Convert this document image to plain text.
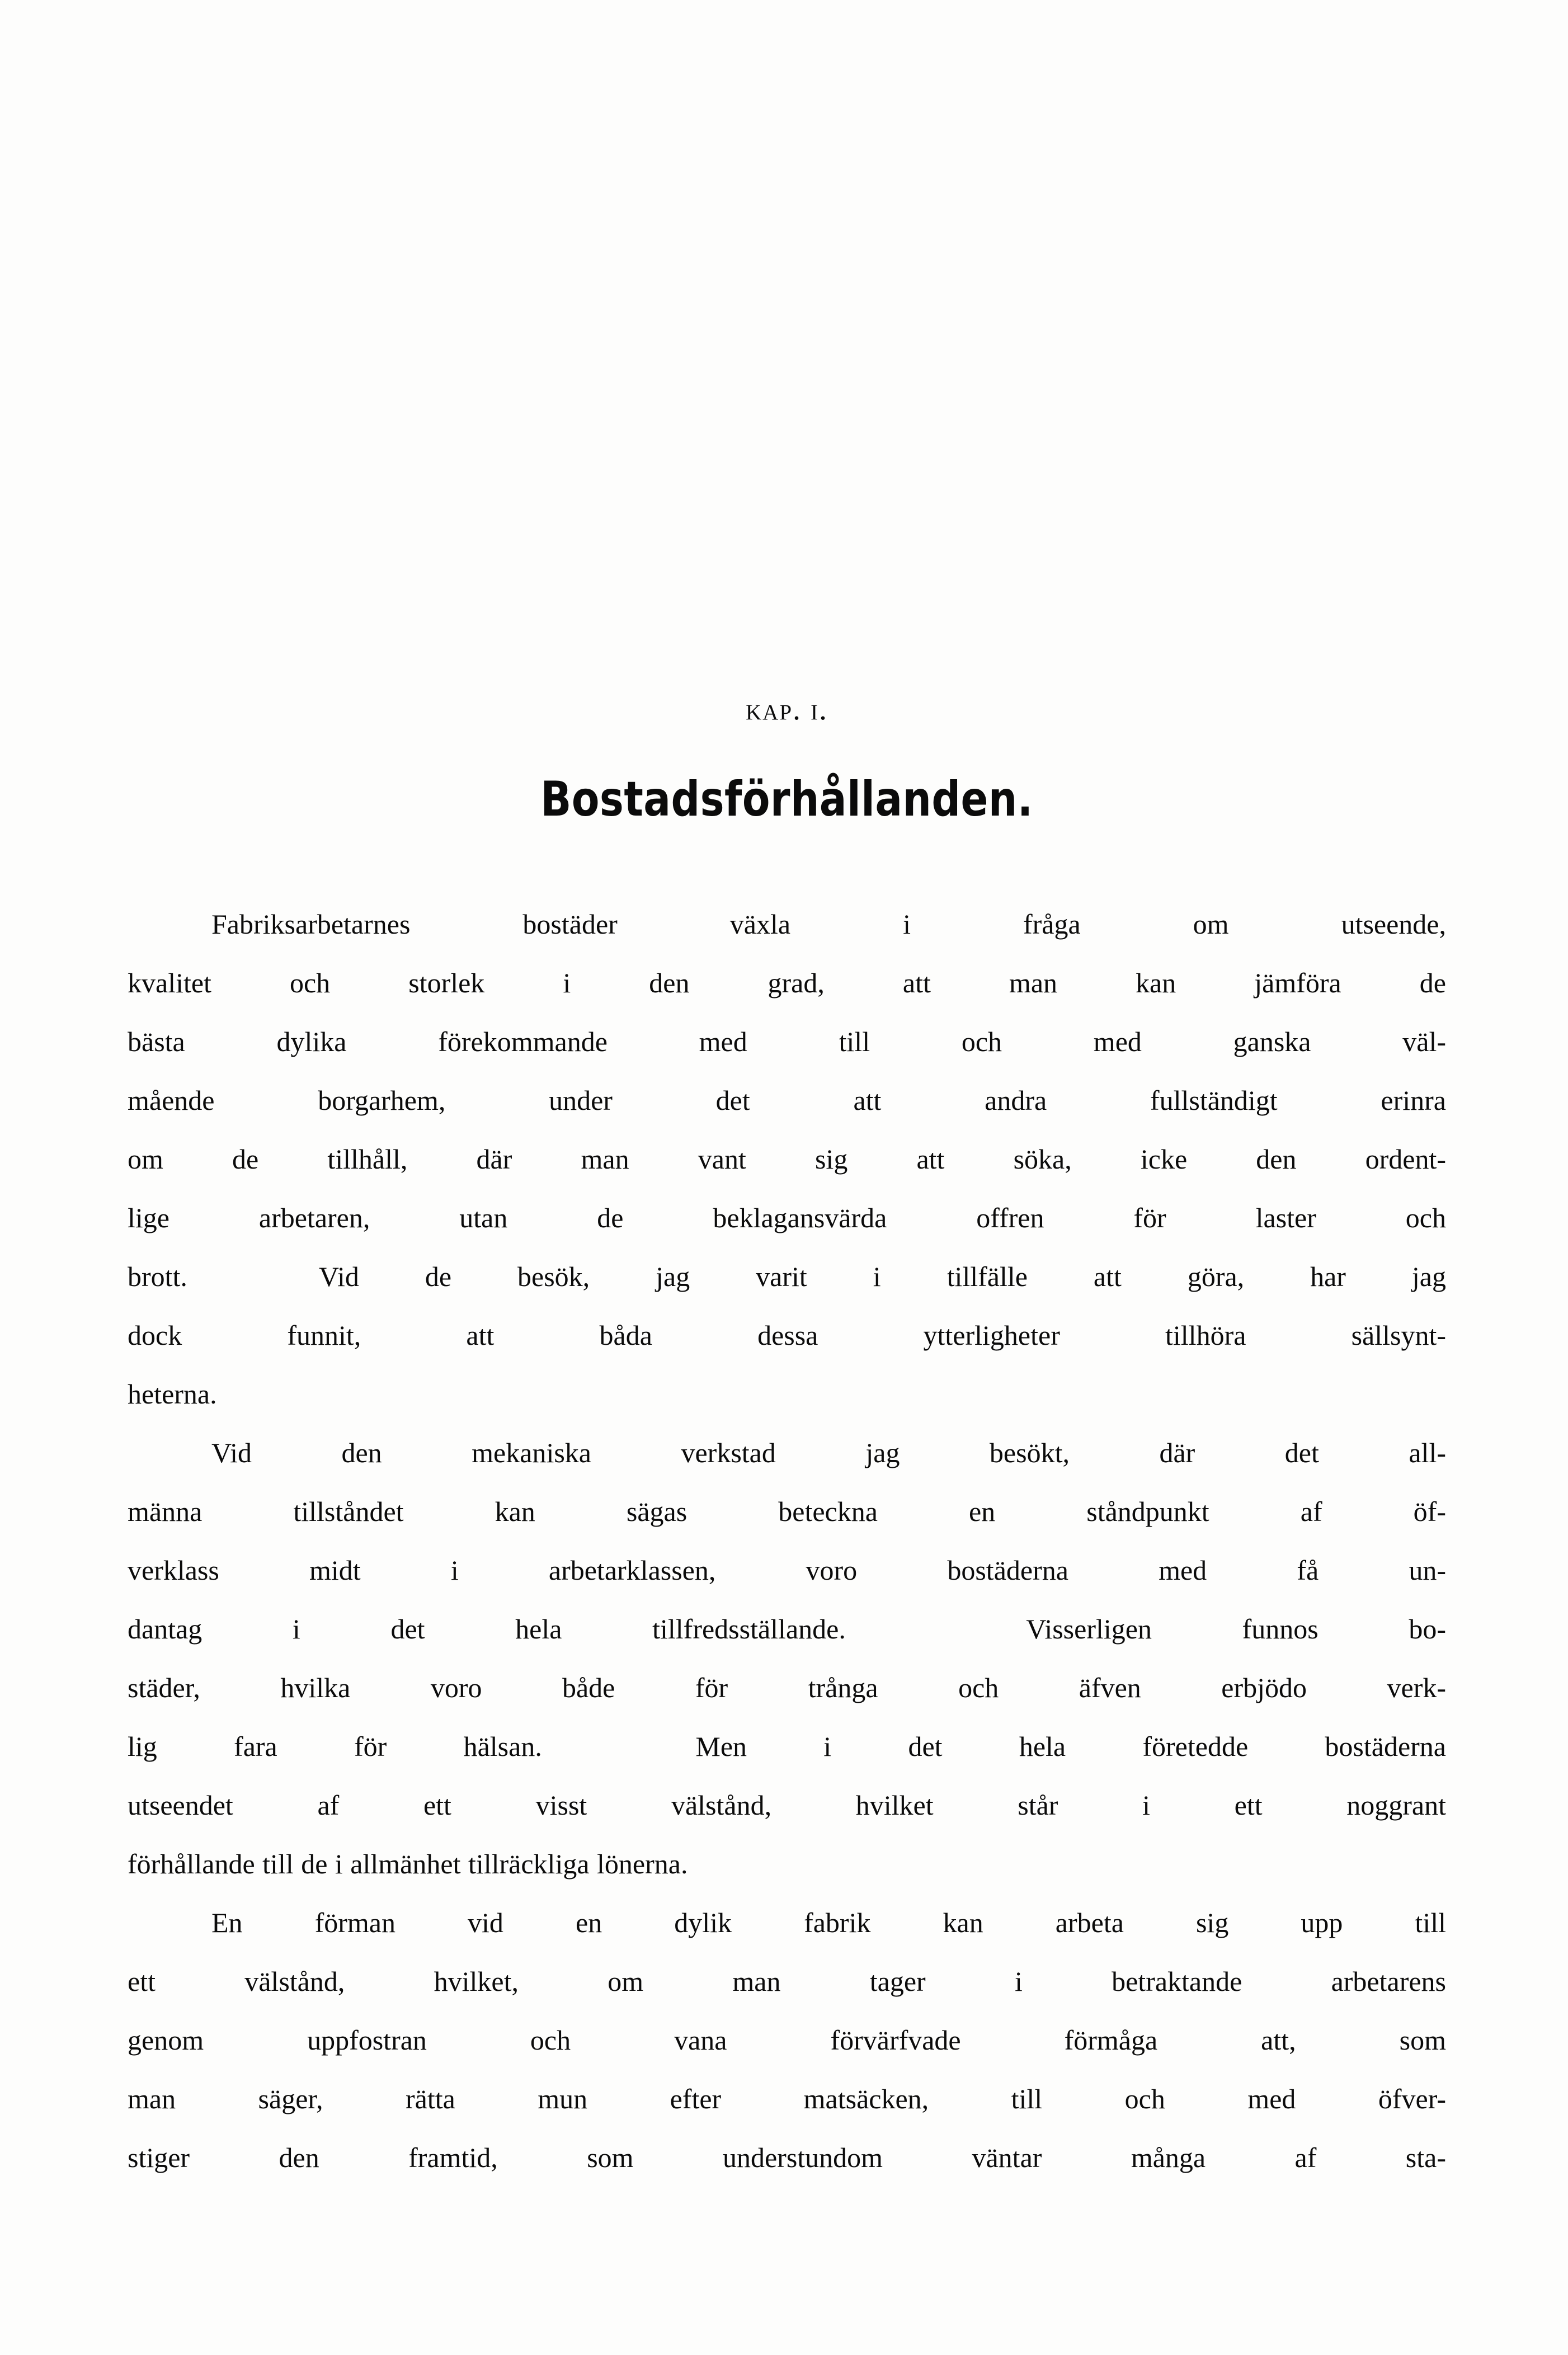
kap. i.
Bostadsförhållanden.

Fabriksarbetarnes bostäder växla i fråga om utseende,
kvalitet och storlek i den grad, att man kan jämföra de
bästa dylika förekommande med till och med ganska väl-
mående borgarhem, under det att andra fullständigt erinra
om de tillhåll, där man vant sig att söka, icke den ordent-
lige arbetaren, utan de beklagansvärda offren för laster och
brott.  Vid de besök, jag varit i tillfälle att göra, har jag
dock funnit, att båda dessa ytterligheter tillhöra sällsynt-
heterna.

Vid den mekaniska verkstad jag besökt, där det all-
männa tillståndet kan sägas beteckna en ståndpunkt af öf-
verklass midt i arbetarklassen, voro bostäderna med få un-
dantag i det hela tillfredsställande.  Visserligen funnos bo-
städer, hvilka voro både för trånga och äfven erbjödo verk-
lig fara för hälsan.  Men i det hela företedde bostäderna
utseendet af ett visst välstånd, hvilket står i ett noggrant
förhållande till de i allmänhet tillräckliga lönerna.

En förman vid en dylik fabrik kan arbeta sig upp till
ett välstånd, hvilket, om man tager i betraktande arbetarens
genom uppfostran och vana förvärfvade förmåga att, som
man säger, rätta mun efter matsäcken, till och med öfver-
stiger den framtid, som understundom väntar många af sta-
